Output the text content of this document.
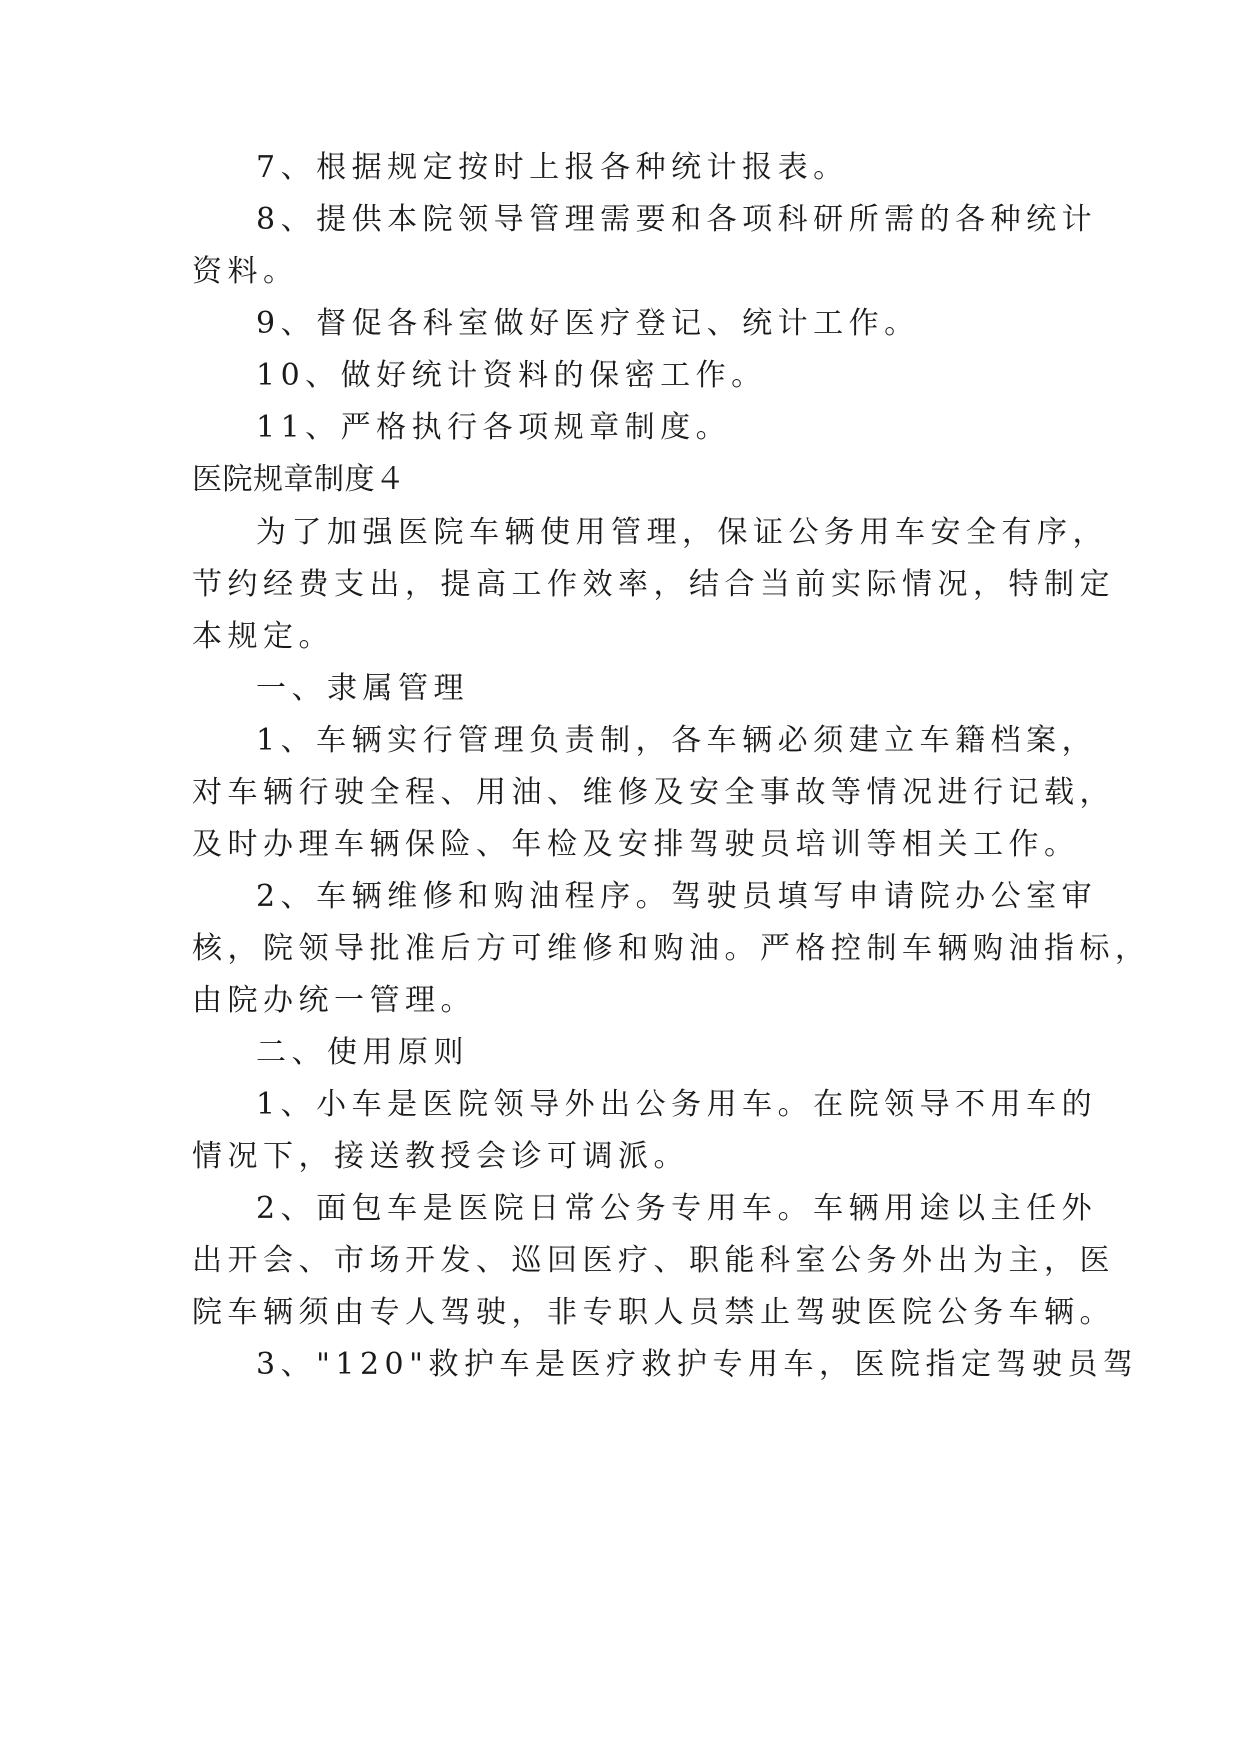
7、根据规定按时上报各种统计报表。
8、提供本院领导管理需要和各项科研所需的各种统计
资料。
9、督促各科室做好医疗登记、统计工作。
10、做好统计资料的保密工作。
11、严格执行各项规章制度。
医院规章制度４
为了加强医院车辆使用管理，保证公务用车安全有序，
节约经费支出，提高工作效率，结合当前实际情况，特制定
本规定。
一、隶属管理
1、车辆实行管理负责制，各车辆必须建立车籍档案，
对车辆行驶全程、用油、维修及安全事故等情况进行记载，
及时办理车辆保险、年检及安排驾驶员培训等相关工作。
2、车辆维修和购油程序。驾驶员填写申请院办公室审
核，院领导批准后方可维修和购油。严格控制车辆购油指标，
由院办统一管理。
二、使用原则
1、小车是医院领导外出公务用车。在院领导不用车的
情况下，接送教授会诊可调派。
2、面包车是医院日常公务专用车。车辆用途以主任外
出开会、市场开发、巡回医疗、职能科室公务外出为主，医
院车辆须由专人驾驶，非专职人员禁止驾驶医院公务车辆。
3、"120"救护车是医疗救护专用车，医院指定驾驶员驾
